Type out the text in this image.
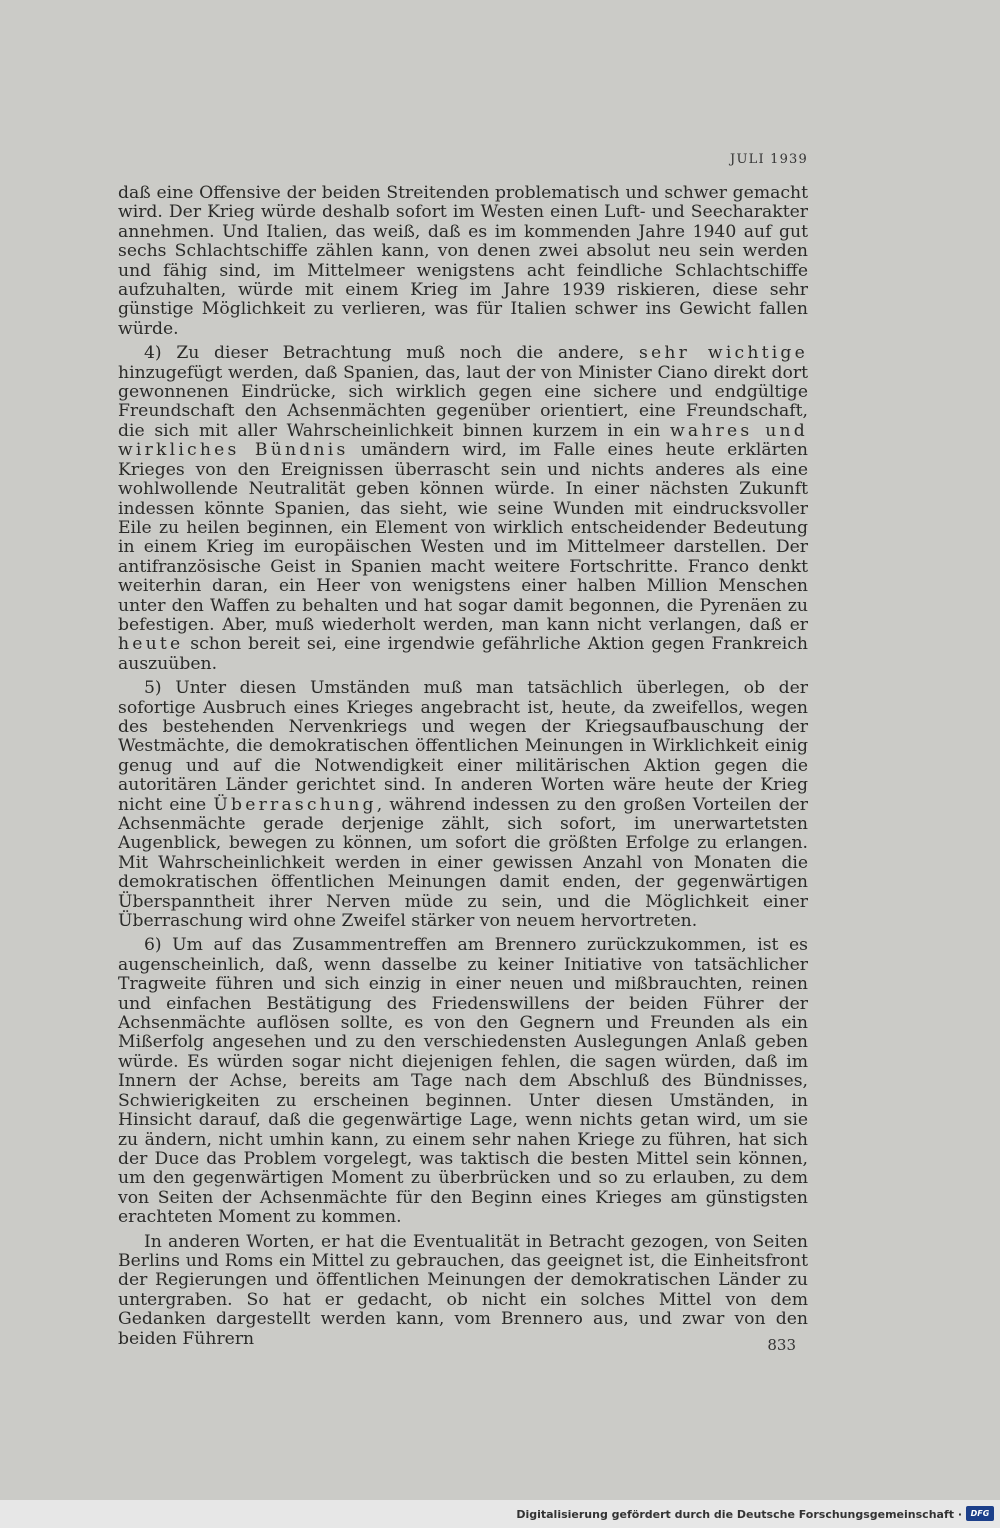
JULI 1939

daß eine Offensive der beiden Streitenden problematisch und schwer gemacht wird. Der Krieg würde deshalb sofort im Westen einen Luft- und Seecharakter annehmen. Und Italien, das weiß, daß es im kommenden Jahre 1940 auf gut sechs Schlachtschiffe zählen kann, von denen zwei absolut neu sein werden und fähig sind, im Mittelmeer wenigstens acht feindliche Schlachtschiffe aufzuhalten, würde mit einem Krieg im Jahre 1939 riskieren, diese sehr günstige Möglichkeit zu verlieren, was für Italien schwer ins Gewicht fallen würde.

4) Zu dieser Betrachtung muß noch die andere, sehr wichtige hinzugefügt werden, daß Spanien, das, laut der von Minister Ciano direkt dort gewonnenen Eindrücke, sich wirklich gegen eine sichere und endgültige Freundschaft den Achsenmächten gegenüber orientiert, eine Freundschaft, die sich mit aller Wahrscheinlichkeit binnen kurzem in ein wahres und wirkliches Bündnis umändern wird, im Falle eines heute erklärten Krieges von den Ereignissen überrascht sein und nichts anderes als eine wohlwollende Neutralität geben können würde. In einer nächsten Zukunft indessen könnte Spanien, das sieht, wie seine Wunden mit eindrucksvoller Eile zu heilen beginnen, ein Element von wirklich entscheidender Bedeutung in einem Krieg im europäischen Westen und im Mittelmeer darstellen. Der antifranzösische Geist in Spanien macht weitere Fortschritte. Franco denkt weiterhin daran, ein Heer von wenigstens einer halben Million Menschen unter den Waffen zu behalten und hat sogar damit begonnen, die Pyrenäen zu befestigen. Aber, muß wiederholt werden, man kann nicht verlangen, daß er heute schon bereit sei, eine irgendwie gefährliche Aktion gegen Frankreich auszuüben.

5) Unter diesen Umständen muß man tatsächlich überlegen, ob der sofortige Ausbruch eines Krieges angebracht ist, heute, da zweifellos, wegen des bestehenden Nervenkriegs und wegen der Kriegsaufbauschung der Westmächte, die demokratischen öffentlichen Meinungen in Wirklichkeit einig genug und auf die Notwendigkeit einer militärischen Aktion gegen die autoritären Länder gerichtet sind. In anderen Worten wäre heute der Krieg nicht eine Überraschung, während indessen zu den großen Vorteilen der Achsenmächte gerade derjenige zählt, sich sofort, im unerwartetsten Augenblick, bewegen zu können, um sofort die größten Erfolge zu erlangen. Mit Wahrscheinlichkeit werden in einer gewissen Anzahl von Monaten die demokratischen öffentlichen Meinungen damit enden, der gegenwärtigen Überspanntheit ihrer Nerven müde zu sein, und die Möglichkeit einer Überraschung wird ohne Zweifel stärker von neuem hervortreten.

6) Um auf das Zusammentreffen am Brennero zurückzukommen, ist es augenscheinlich, daß, wenn dasselbe zu keiner Initiative von tatsächlicher Tragweite führen und sich einzig in einer neuen und mißbrauchten, reinen und einfachen Bestätigung des Friedenswillens der beiden Führer der Achsenmächte auflösen sollte, es von den Gegnern und Freunden als ein Mißerfolg angesehen und zu den verschiedensten Auslegungen Anlaß geben würde. Es würden sogar nicht diejenigen fehlen, die sagen würden, daß im Innern der Achse, bereits am Tage nach dem Abschluß des Bündnisses, Schwierigkeiten zu erscheinen beginnen. Unter diesen Umständen, in Hinsicht darauf, daß die gegenwärtige Lage, wenn nichts getan wird, um sie zu ändern, nicht umhin kann, zu einem sehr nahen Kriege zu führen, hat sich der Duce das Problem vorgelegt, was taktisch die besten Mittel sein können, um den gegenwärtigen Moment zu überbrücken und so zu erlauben, zu dem von Seiten der Achsenmächte für den Beginn eines Krieges am günstigsten erachteten Moment zu kommen.

In anderen Worten, er hat die Eventualität in Betracht gezogen, von Seiten Berlins und Roms ein Mittel zu gebrauchen, das geeignet ist, die Einheitsfront der Regierungen und öffentlichen Meinungen der demokratischen Länder zu untergraben. So hat er gedacht, ob nicht ein solches Mittel von dem Gedanken dargestellt werden kann, vom Brennero aus, und zwar von den beiden Führern	833
Digitalisierung gefördert durch die Deutsche Forschungsgemeinschaft · DFG
